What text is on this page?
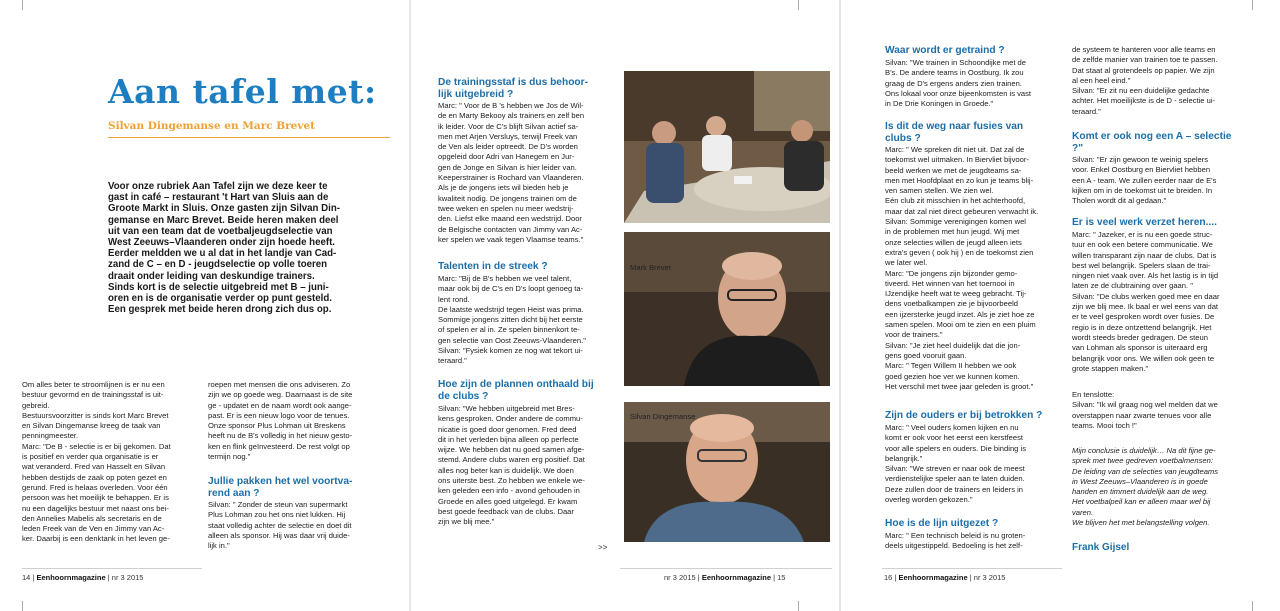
Aan tafel met:
Silvan Dingemanse en Marc Brevet
Voor onze rubriek Aan Tafel zijn we deze keer te
gast in café – restaurant 't Hart van Sluis aan de
Groote Markt in Sluis. Onze gasten zijn Silvan Din-
gemanse en Marc Brevet. Beide heren maken deel
uit van een team dat de voetbaljeugdselectie van
West Zeeuws–Vlaanderen onder zijn hoede heeft.
Eerder meldden we u al dat in het landje van Cad-
zand de C – en D - jeugdselectie op volle toeren
draait onder leiding van deskundige trainers.
Sinds kort is de selectie uitgebreid met B – juni-
oren en is de organisatie verder op punt gesteld.
Een gesprek met beide heren drong zich dus op.
Om alles beter te stroomlijnen is er nu een
bestuur gevormd en de trainingsstaf is uit-
gebreid.
Bestuursvoorzitter is sinds kort Marc Brevet
en Silvan Dingemanse kreeg de taak van
penningmeester.
Marc: "De B - selectie is er bij gekomen. Dat
is positief en verder qua organisatie is er
wat veranderd. Fred van Hasselt en Silvan
hebben destijds de zaak op poten gezet en
gerund. Fred is helaas overleden. Voor één
persoon was het moeilijk te behappen. Er is
nu een dagelijks bestuur met naast ons bei-
den Annelies Mabelis als secretaris en de
leden Freek van de Ven en Jimmy van Ac-
ker. Daarbij is een denktank in het leven ge-
roepen met mensen die ons adviseren. Zo
zijn we op goede weg. Daarnaast is de site
ge - updatet en de naam wordt ook aange-
past. Er is een nieuw logo voor de tenues.
Onze sponsor Plus Lohman uit Breskens
heeft nu de B's volledig in het nieuw gesto-
ken en flink geïnvesteerd. De rest volgt op
termijn nog."
Jullie pakken het wel voortva-
rend aan ?
Silvan: " Zonder de steun van supermarkt
Plus Lohman zou het ons niet lukken. Hij
staat volledig achter de selectie en doet dit
alleen als sponsor. Hij was daar vrij duide-
lijk in."
14 | Eenhoornmagazine | nr 3 2015
De trainingsstaf is dus behoor-
lijk uitgebreid ?
Marc: " Voor de B 's hebben we Jos de Wil-
de en Marty Bekooy als trainers en zelf ben
ik leider. Voor de C's blijft Silvan actief sa-
men met Arjen Versluys, terwijl Freek van
de Ven als leider optreedt. De D's worden
opgeleid door Adri van Hanegem en Jur-
gen de Jonge en Silvan is hier leider van.
Keeperstrainer is Rochard van Vlaanderen.
Als je de jongens iets wil bieden heb je
kwaliteit nodig. De jongens trainen om de
twee weken en spelen nu meer wedstrij-
den. Liefst elke maand een wedstrijd. Door
de Belgische contacten van Jimmy van Ac-
ker spelen we vaak tegen Vlaamse teams."
Talenten in de streek ?
Marc: "Bij de B's hebben we veel talent,
maar ook bij de C's en D's loopt genoeg ta-
lent rond.
De laatste wedstrijd tegen Heist was prima.
Sommige jongens zitten dicht bij het eerste
of spelen er al in. Ze spelen binnenkort te-
gen selectie van Oost Zeeuws-Vlaanderen."
Silvan: "Fysiek komen ze nog wat tekort ui-
teraard."
Hoe zijn de plannen onthaald bij
de clubs ?
Silvan: "We hebben uitgebreid met Bres-
kens gesproken. Onder andere de commu-
nicatie is goed door genomen. Fred deed
dit in het verleden bijna alleen op perfecte
wijze. We hebben dat nu goed samen afge-
stemd. Andere clubs waren erg positief. Dat
alles nog beter kan is duidelijk. We doen
ons uiterste best. Zo hebben we enkele we-
ken geleden een info - avond gehouden in
Groede en alles goed uitgelegd. Er kwam
best goede feedback van de clubs. Daar
zijn we blij mee."
Mark Brevet
Silvan Dingemanse
>>
nr 3 2015 | Eenhoornmagazine | 15
Waar wordt er getraind ?
Silvan: "We trainen in Schoondijke met de
B's. De andere teams in Oostburg. Ik zou
graag de D's ergens anders zien trainen.
Ons lokaal voor onze bijeenkomsten is vast
in De Drie Koningen in Groede."
Is dit de weg naar fusies van
clubs ?
Marc: " We spreken dit niet uit. Dat zal de
toekomst wel uitmaken. In Biervliet bijvoor-
beeld werken we met de jeugdteams sa-
men met Hoofdplaat en zo kun je teams blij-
ven samen stellen. We zien wel.
Eén club zit misschien in het achterhoofd,
maar dat zal niet direct gebeuren verwacht ik.
Silvan: Sommige verenigingen komen wel
in de problemen met hun jeugd. Wij met
onze selecties willen de jeugd alleen iets
extra's geven ( ook hij ) en de toekomst zien
we later wel.
Marc: "De jongens zijn bijzonder gemo-
tiveerd. Het winnen van het toernooi in
IJzendijke heeft wat te weeg gebracht. Tij-
dens voetbalkampen zie je bijvoorbeeld
een ijzersterke jeugd inzet. Als je ziet hoe ze
samen spelen. Mooi om te zien en een pluim
voor de trainers."
Silvan: "Je ziet heel duidelijk dat die jon-
gens goed vooruit gaan.
Marc: " Tegen Willem II hebben we ook
goed gezien hoe ver we kunnen komen.
Het verschil met twee jaar geleden is groot."
Zijn de ouders er bij betrokken ?
Marc: " Veel ouders komen kijken en nu
komt er ook voor het eerst een kerstfeest
voor alle spelers en ouders. Die binding is
belangrijk."
Silvan: "We streven er naar ook de meest
verdienstelijke speler aan te laten duiden.
Deze zullen door de trainers en leiders in
overleg worden gekozen."
Hoe is de lijn uitgezet ?
Marc: " Een technisch beleid is nu groten-
deels uitgestippeld. Bedoeling is het zelf-
de systeem te hanteren voor alle teams en
de zelfde manier van trainen toe te passen.
Dat staat al grotendeels op papier. We zijn
al een heel eind."
Silvan: "Er zit nu een duidelijke gedachte
achter. Het moeilijkste is de D - selectie ui-
teraard."
Komt er ook nog een A – selectie
?"
Silvan: "Er zijn gewoon te weinig spelers
voor. Enkel Oostburg en Biervliet hebben
een A - team. We zullen eerder naar de E's
kijken om in de toekomst uit te breiden. In
Tholen wordt dit al gedaan."
Er is veel werk verzet heren....
Marc: " Jazeker, er is nu een goede struc-
tuur en ook een betere communicatie. We
willen transparant zijn naar de clubs. Dat is
best wel belangrijk. Spelers slaan de trai-
ningen niet vaak over. Als het lastig is in tijd
laten ze de clubtraining over gaan. "
Silvan: "De clubs werken goed mee en daar
zijn we blij mee. Ik baal er wel eens van dat
er te veel gesproken wordt over fusies. De
regio is in deze ontzettend belangrijk. Het
wordt steeds breder gedragen. De steun
van Lohman als sponsor is uiteraard erg
belangrijk voor ons. We willen ook geen te
grote stappen maken."
En tenslotte:
Silvan: "Ik wil graag nog wel melden dat we
overstappen naar zwarte tenues voor alle
teams. Mooi toch !"
Mijn conclusie is duidelijk… Na dit fijne ge-
sprek met twee gedreven voetbalmensen:
De leiding van de selecties van jeugdteams
in West Zeeuws–Vlaanderen is in goede
handen en timmert duidelijk aan de weg.
Het voetbalpeil kan er alleen maar wel bij
varen.
We blijven het met belangstelling volgen.
Frank Gijsel
16 | Eenhoornmagazine | nr 3 2015
